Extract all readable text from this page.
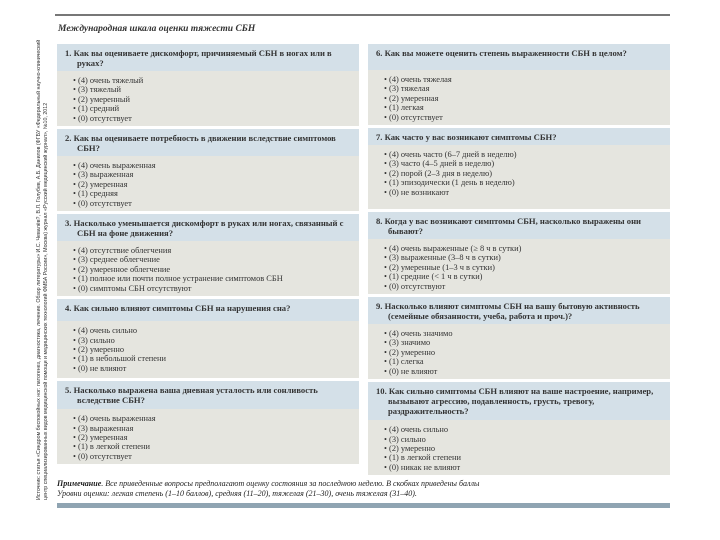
Международная шкала оценки тяжести СБН
Источник: статья «Синдром беспокойных ног: патогенез, диагностика, лечение. Обзор литературы» И.С. Чевалёв?, В.Л. Голубев, А.Б. Данилов (ФГБУ «Федеральный научно-клинический центр специализированных видов медицинской помощи и медицинских технологий ФМБА России», Москва) журнал «Русский медицинский журнал», №10, 2012
1. Как вы оцениваете дискомфорт, причиняемый СБН в ногах или в руках?
• (4) очень тяжелый
• (3) тяжелый
• (2) умеренный
• (1) средний
• (0) отсутствует
2. Как вы оцениваете потребность в движении вследствие симптомов СБН?
• (4) очень выраженная
• (3) выраженная
• (2) умеренная
• (1) средняя
• (0) отсутствует
3. Насколько уменьшается дискомфорт в руках или ногах, связанный с СБН на фоне движения?
• (4) отсутствие облегчения
• (3) среднее облегчение
• (2) умеренное облегчение
• (1) полное или почти полное устранение симптомов СБН
• (0) симптомы СБН отсутствуют
4. Как сильно влияют симптомы СБН на нарушения сна?
• (4) очень сильно
• (3) сильно
• (2) умеренно
• (1) в небольшой степени
• (0) не влияют
5. Насколько выражена ваша дневная усталость или сонливость вследствие СБН?
• (4) очень выраженная
• (3) выраженная
• (2) умеренная
• (1) в легкой степени
• (0) отсутствует
6. Как вы можете оценить степень выраженности СБН в целом?
• (4) очень тяжелая
• (3) тяжелая
• (2) умеренная
• (1) легкая
• (0) отсутствует
7. Как часто у вас возникают симптомы СБН?
• (4) очень часто (6–7 дней в неделю)
• (3) часто (4–5 дней в неделю)
• (2) порой (2–3 дня в неделю)
• (1) эпизодически (1 день в неделю)
• (0) не возникают
8. Когда у вас возникают симптомы СБН, насколько выражены они бывают?
• (4) очень выраженные (≥ 8 ч в сутки)
• (3) выраженные (3–8 ч в сутки)
• (2) умеренные (1–3 ч в сутки)
• (1) средние (< 1 ч в сутки)
• (0) отсутствуют
9. Насколько влияют симптомы СБН на вашу бытовую активность (семейные обязанности, учеба, работа и проч.)?
• (4) очень значимо
• (3) значимо
• (2) умеренно
• (1) слегка
• (0) не влияют
10. Как сильно симптомы СБН влияют на ваше настроение, например, вызывают агрессию, подавленность, грусть, тревогу, раздражительность?
• (4) очень сильно
• (3) сильно
• (2) умеренно
• (1) в легкой степени
• (0) никак не влияют
Примечание. Все приведенные вопросы предполагают оценку состояния за последнюю неделю. В скобках приведены баллы
Уровни оценки: легкая степень (1–10 баллов), средняя (11–20), тяжелая (21–30), очень тяжелая (31–40).
